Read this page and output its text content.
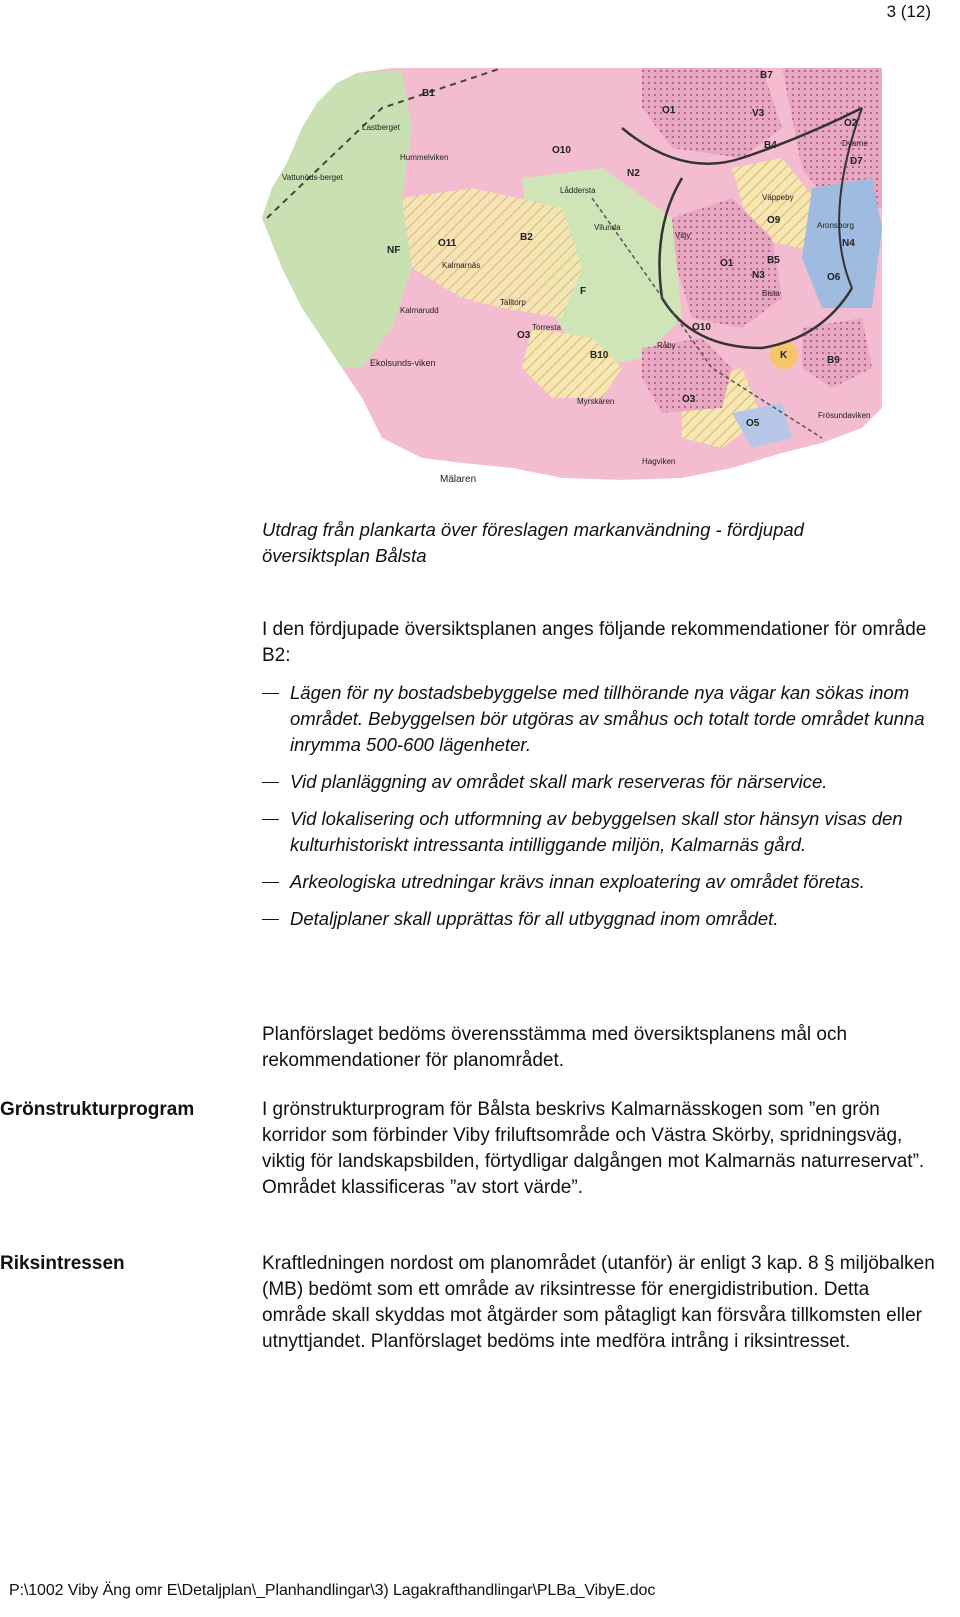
3 (12)
B1
B7
O1	V3
O2
Lastberget
Hummelviken
O10
N2
B4	Dyarne
D7
Vattunöds-berget
Låddersta
Väppeby
O9	Aronsborg
NF
O11
B2
Vilunda
Viby
N4
Kalmarnäs	O1	B5
N3	O6
F	Bista
Talltorp
Kalmarudd
O10
Torresta
O3
Råby
K	B9
Ekolsunds-viken
B10
Myrskären	O3
Frösundaviken
O5
Hagviken
Mälaren
Utdrag från plankarta över föreslagen markanvändning - fördjupad översiktsplan Bålsta
I den fördjupade översiktsplanen anges följande rekommendationer för område B2:
Lägen för ny bostadsbebyggelse med tillhörande nya vägar kan sökas inom området. Bebyggelsen bör utgöras av småhus och totalt torde området kunna inrymma 500-600 lägenheter.
Vid planläggning av området skall mark reserveras för närservice.
Vid lokalisering och utformning av bebyggelsen skall stor hänsyn visas den kulturhistoriskt intressanta intilliggande miljön, Kalmarnäs gård.
Arkeologiska utredningar krävs innan exploatering av området företas.
Detaljplaner skall upprättas för all utbyggnad inom området.
Planförslaget bedöms överensstämma med översiktsplanens mål och rekommendationer för planområdet.
Grönstrukturprogram	I grönstrukturprogram för Bålsta beskrivs Kalmarnässkogen som ”en grön korridor som förbinder Viby friluftsområde och Västra Skörby, spridningsväg, viktig för landskapsbilden, förtydligar dalgången mot Kalmarnäs naturreservat”. Området klassificeras ”av stort värde”.
Riksintressen	Kraftledningen nordost om planområdet (utanför) är enligt 3 kap. 8 § miljöbalken (MB) bedömt som ett område av riksintresse för energidistribution. Detta område skall skyddas mot åtgärder som påtagligt kan försvåra tillkomsten eller utnyttjandet. Planförslaget bedöms inte medföra intrång i riksintresset.
P:\1002 Viby Äng omr E\Detaljplan\_Planhandlingar\3) Lagakrafthandlingar\PLBa_VibyE.doc
